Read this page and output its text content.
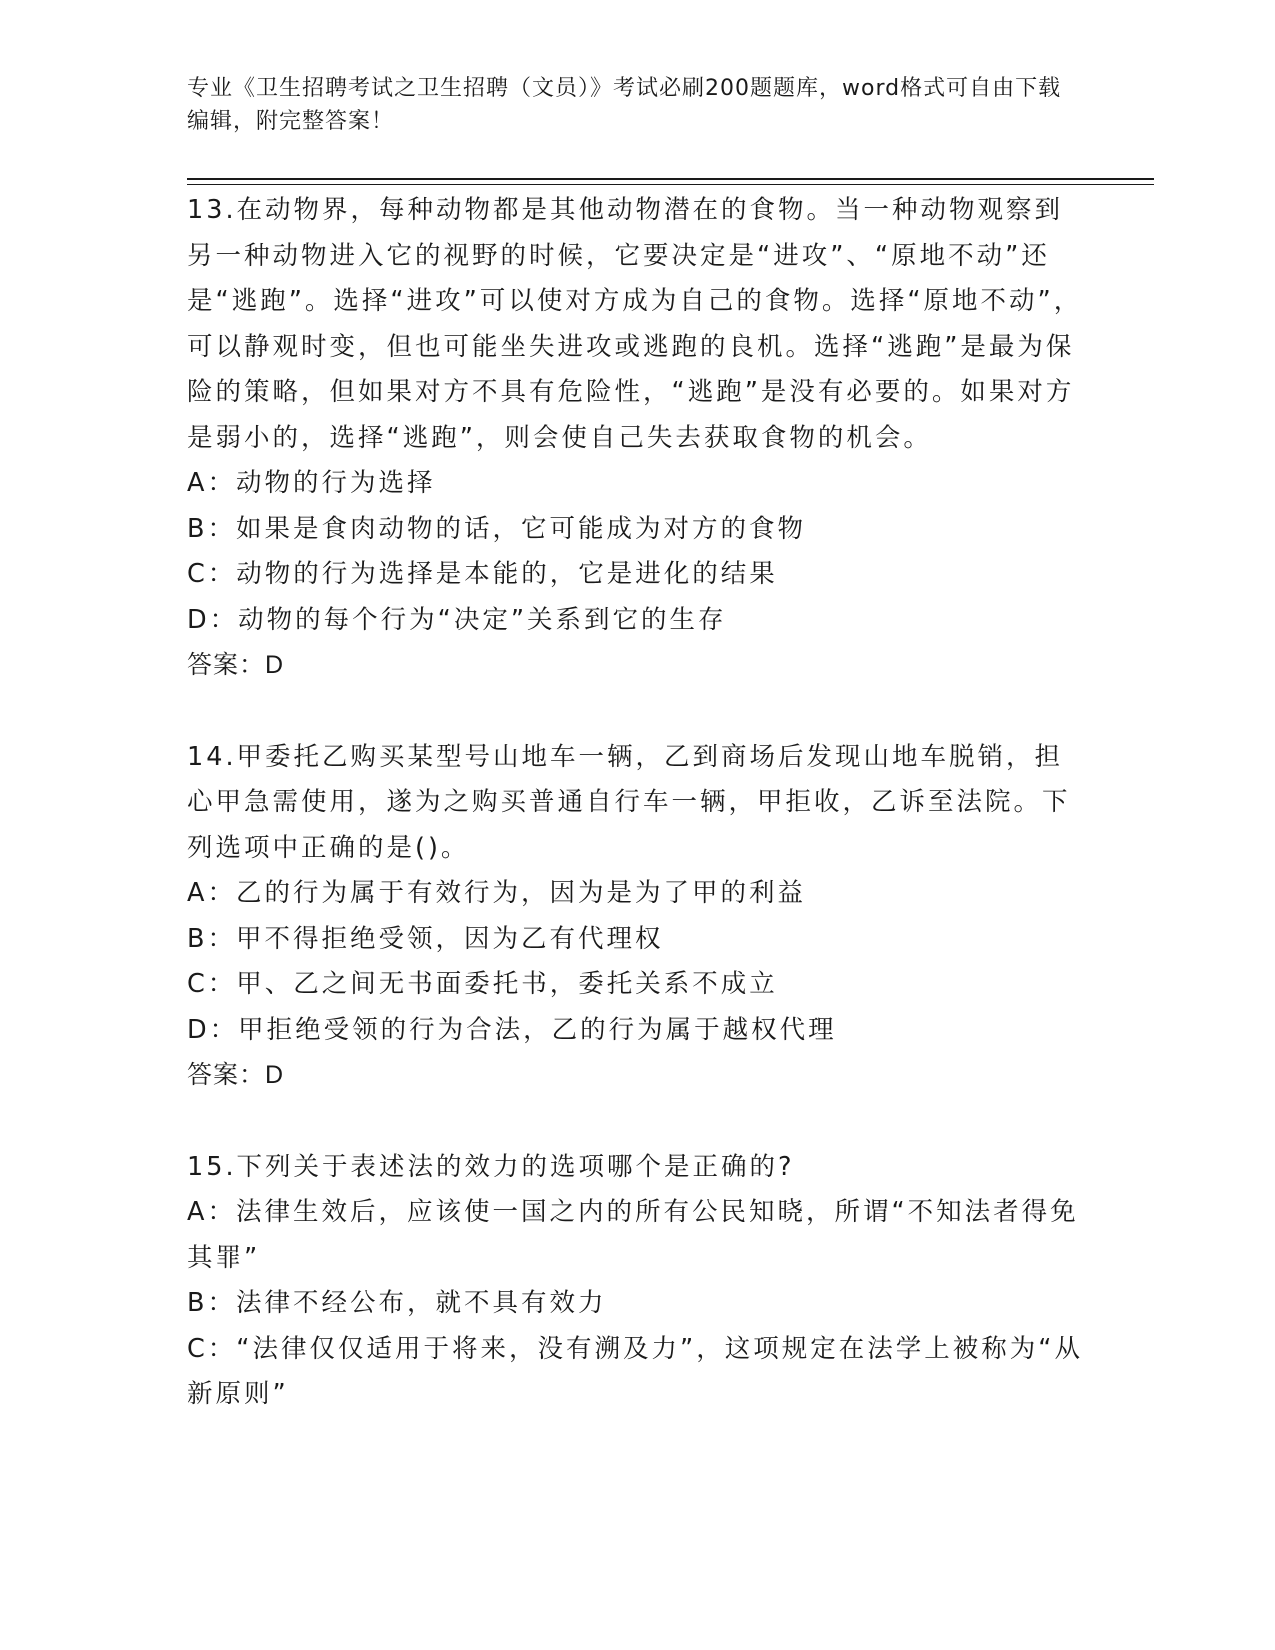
专业《卫生招聘考试之卫生招聘（文员）》考试必刷200题题库，word格式可自由下载编辑，附完整答案！
13.在动物界，每种动物都是其他动物潜在的食物。当一种动物观察到另一种动物进入它的视野的时候，它要决定是“进攻”、“原地不动”还是“逃跑”。选择“进攻”可以使对方成为自己的食物。选择“原地不动”，可以静观时变，但也可能坐失进攻或逃跑的良机。选择“逃跑”是最为保险的策略，但如果对方不具有危险性，“逃跑”是没有必要的。如果对方是弱小的，选择“逃跑”，则会使自己失去获取食物的机会。
A：动物的行为选择
B：如果是食肉动物的话，它可能成为对方的食物
C：动物的行为选择是本能的，它是进化的结果
D：动物的每个行为“决定”关系到它的生存
答案：D
14.甲委托乙购买某型号山地车一辆，乙到商场后发现山地车脱销，担心甲急需使用，遂为之购买普通自行车一辆，甲拒收，乙诉至法院。下列选项中正确的是()。
A：乙的行为属于有效行为，因为是为了甲的利益
B：甲不得拒绝受领，因为乙有代理权
C：甲、乙之间无书面委托书，委托关系不成立
D：甲拒绝受领的行为合法，乙的行为属于越权代理
答案：D
15.下列关于表述法的效力的选项哪个是正确的?
A：法律生效后，应该使一国之内的所有公民知晓，所谓“不知法者得免其罪”
B：法律不经公布，就不具有效力
C：“法律仅仅适用于将来，没有溯及力”，这项规定在法学上被称为“从新原则”
